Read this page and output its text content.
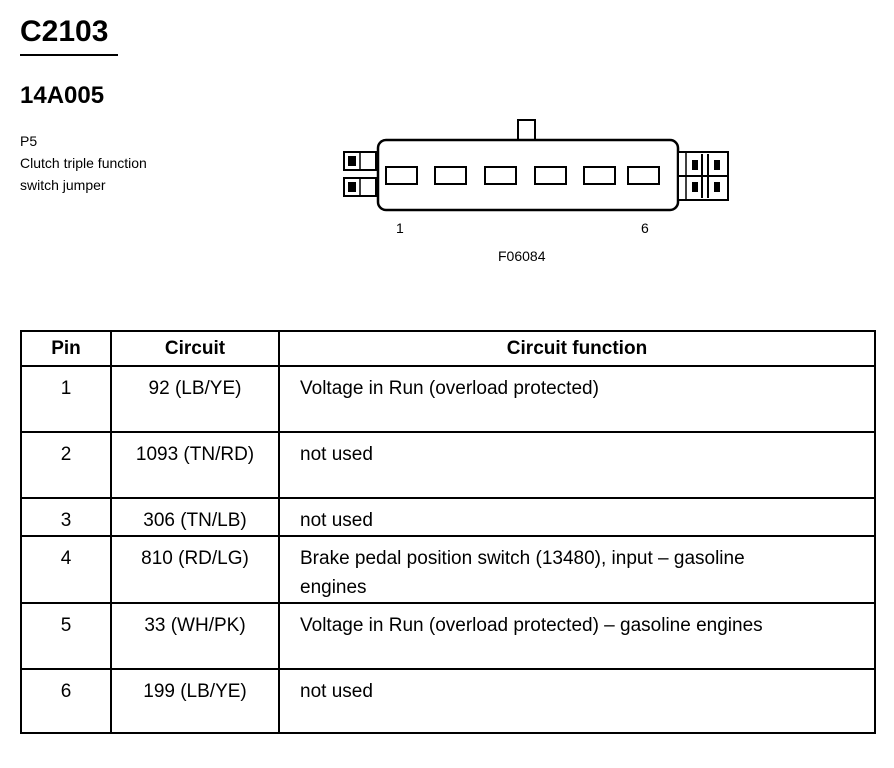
C2103
14A005
P5
Clutch triple function
switch jumper
1	6
F06084
Pin	Circuit	Circuit function
1	92 (LB/YE)	Voltage in Run (overload protected)

2	1093 (TN/RD)	not used

3	306 (TN/LB)	not used

4	810 (RD/LG)	Brake pedal position switch (13480), input – gasoline
engines

5	33 (WH/PK)	Voltage in Run (overload protected) – gasoline engines

6	199 (LB/YE)	not used
